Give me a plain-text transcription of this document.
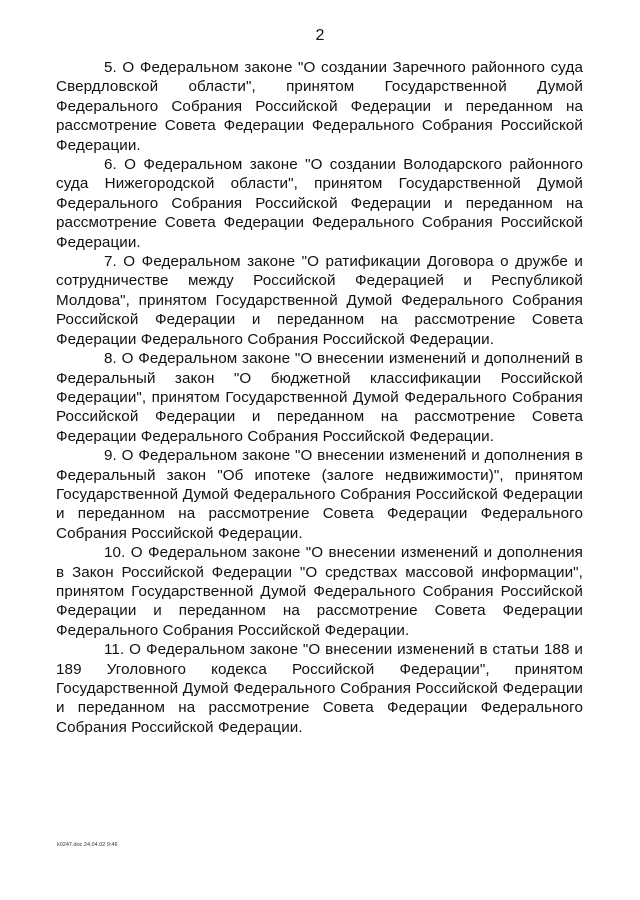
2

5. О Федеральном законе "О создании Заречного районного суда Свердловской области", принятом Государственной Думой Федерального Собрания Российской Федерации и переданном на рассмотрение Совета Федерации Федерального Собрания Российской Федерации.

6. О Федеральном законе "О создании Володарского районного суда Нижегородской области", принятом Государственной Думой Федерального Собрания Российской Федерации и переданном на рассмотрение Совета Федерации Федерального Собрания Российской Федерации.

7. О Федеральном законе "О ратификации Договора о дружбе и сотрудничестве между Российской Федерацией и Республикой Молдова", принятом Государственной Думой Федерального Собрания Российской Федерации и переданном на рассмотрение Совета Федерации Федерального Собрания Российской Федерации.

8. О Федеральном законе "О внесении изменений и дополнений в Федеральный закон "О бюджетной классификации Российской Федерации", принятом Государственной Думой Федерального Собрания Российской Федерации и переданном на рассмотрение Совета Федерации Федерального Собрания Российской Федерации.

9. О Федеральном законе "О внесении изменений и дополнения в Федеральный закон "Об ипотеке (залоге недвижимости)", принятом Государственной Думой Федерального Собрания Российской Федерации и переданном на рассмотрение Совета Федерации Федерального Собрания Российской Федерации.

10. О Федеральном законе "О внесении изменений и дополнения в Закон Российской Федерации "О средствах массовой информации", принятом Государственной Думой Федерального Собрания Российской Федерации и переданном на рассмотрение Совета Федерации Федерального Собрания Российской Федерации.

11. О Федеральном законе "О внесении изменений в статьи 188 и 189 Уголовного кодекса Российской Федерации", принятом Государственной Думой Федерального Собрания Российской Федерации и переданном на рассмотрение Совета Федерации Федерального Собрания Российской Федерации.

k0247.doc 24.04.02 9:46
